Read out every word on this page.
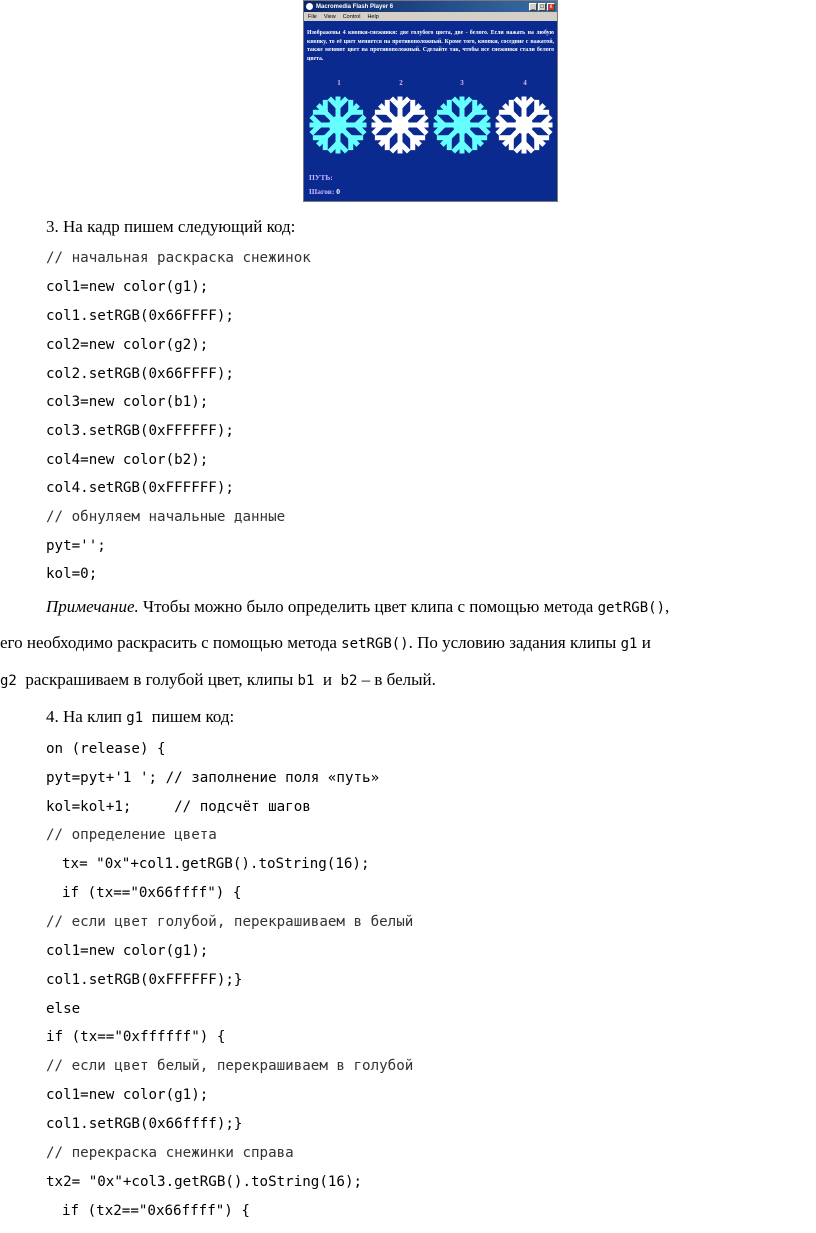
Macromedia Flash Player 6	_ □ x
File View Control Help
Изображены 4 кнопки-снежинки: две голубого цвета, две - белого. Если нажать на любую кнопку, то её цвет меняется на противоположный. Кроме того, кнопки, соседние с нажатой, также меняют цвет на противоположный. Сделайте так, чтобы все снежинки стали белого цвета.
1	2	3	4
ПУТЬ:
Шагов: 0
3. На кадр пишем следующий код:
// начальная раскраска снежинок
col1=new color(g1);
col1.setRGB(0x66FFFF);
col2=new color(g2);
col2.setRGB(0x66FFFF);
col3=new color(b1);
col3.setRGB(0xFFFFFF);
col4=new color(b2);
col4.setRGB(0xFFFFFF);
// обнуляем начальные данные
pyt='';
kol=0;
Примечание. Чтобы можно было определить цвет клипа с помощью метода getRGB(),
его необходимо раскрасить с помощью метода setRGB(). По условию задания клипы g1 и
g2  раскрашиваем в голубой цвет, клипы b1  и  b2 – в белый.
4. На клип g1  пишем код:
on (release) {
pyt=pyt+'1 '; // заполнение поля «путь»
kol=kol+1;     // подсчёт шагов
// определение цвета
tx= "0x"+col1.getRGB().toString(16);
if (tx=="0x66ffff") {
// если цвет голубой, перекрашиваем в белый
col1=new color(g1);
col1.setRGB(0xFFFFFF);}
else
if (tx=="0xffffff") {
// если цвет белый, перекрашиваем в голубой
col1=new color(g1);
col1.setRGB(0x66ffff);}
// перекраска снежинки справа
tx2= "0x"+col3.getRGB().toString(16);
if (tx2=="0x66ffff") {
